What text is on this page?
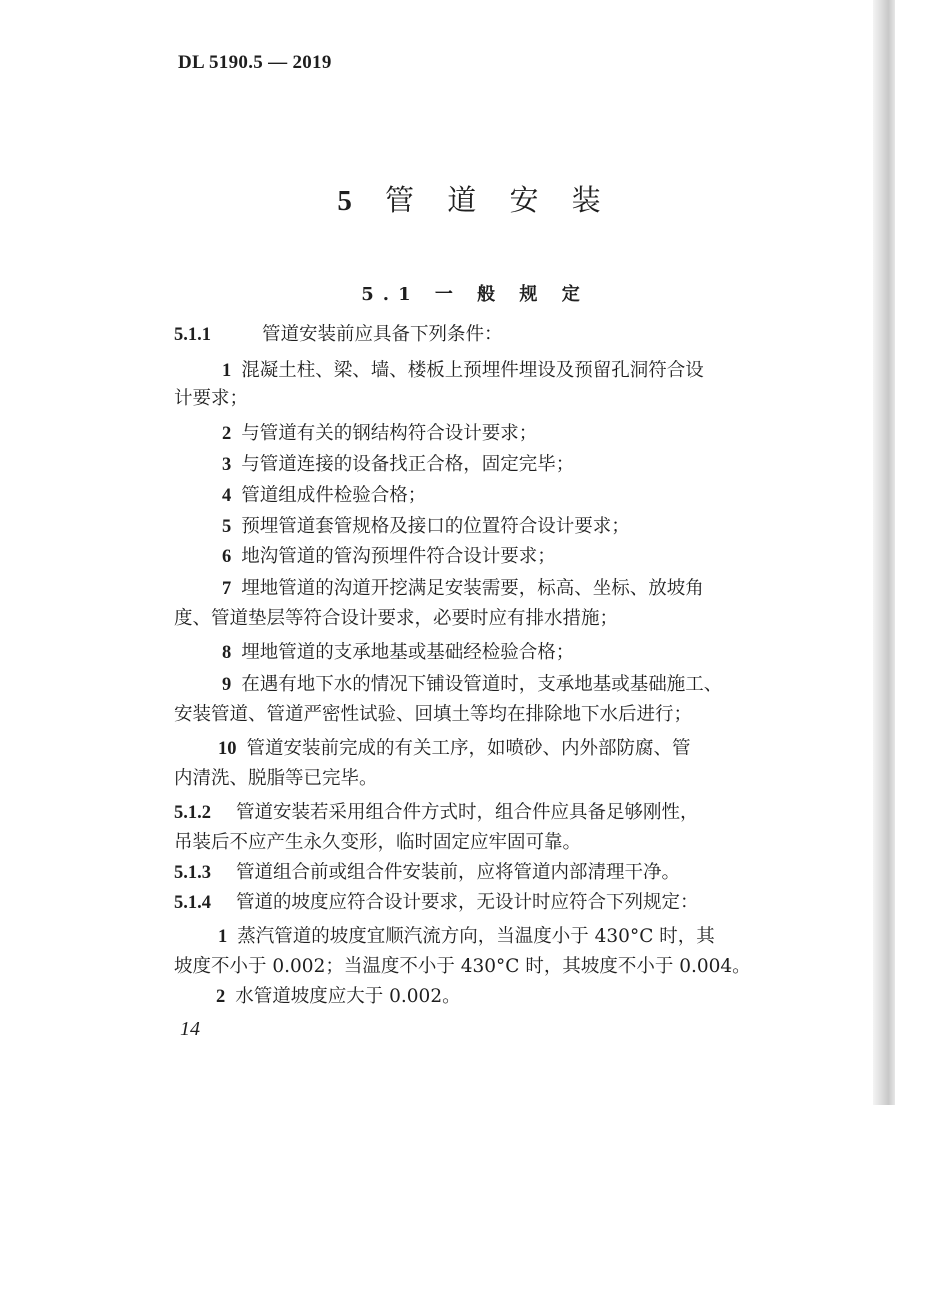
DL 5190.5 — 2019
5 管 道 安 装
5.1 一 般 规 定
5.1.1	管道安装前应具备下列条件：
1 混凝土柱、梁、墙、楼板上预埋件埋设及预留孔洞符合设
计要求；
2 与管道有关的钢结构符合设计要求；
3 与管道连接的设备找正合格，固定完毕；
4 管道组成件检验合格；
5 预埋管道套管规格及接口的位置符合设计要求；
6 地沟管道的管沟预埋件符合设计要求；
7 埋地管道的沟道开挖满足安装需要，标高、坐标、放坡角
度、管道垫层等符合设计要求，必要时应有排水措施；
8 埋地管道的支承地基或基础经检验合格；
9 在遇有地下水的情况下铺设管道时，支承地基或基础施工、
安装管道、管道严密性试验、回填土等均在排除地下水后进行；
10 管道安装前完成的有关工序，如喷砂、内外部防腐、管
内清洗、脱脂等已完毕。
5.1.2 管道安装若采用组合件方式时，组合件应具备足够刚性，
吊装后不应产生永久变形，临时固定应牢固可靠。
5.1.3 管道组合前或组合件安装前，应将管道内部清理干净。
5.1.4 管道的坡度应符合设计要求，无设计时应符合下列规定：
1 蒸汽管道的坡度宜顺汽流方向，当温度小于 430°C 时，其
坡度不小于 0.002；当温度不小于 430°C 时，其坡度不小于 0.004。
2 水管道坡度应大于 0.002。
14
